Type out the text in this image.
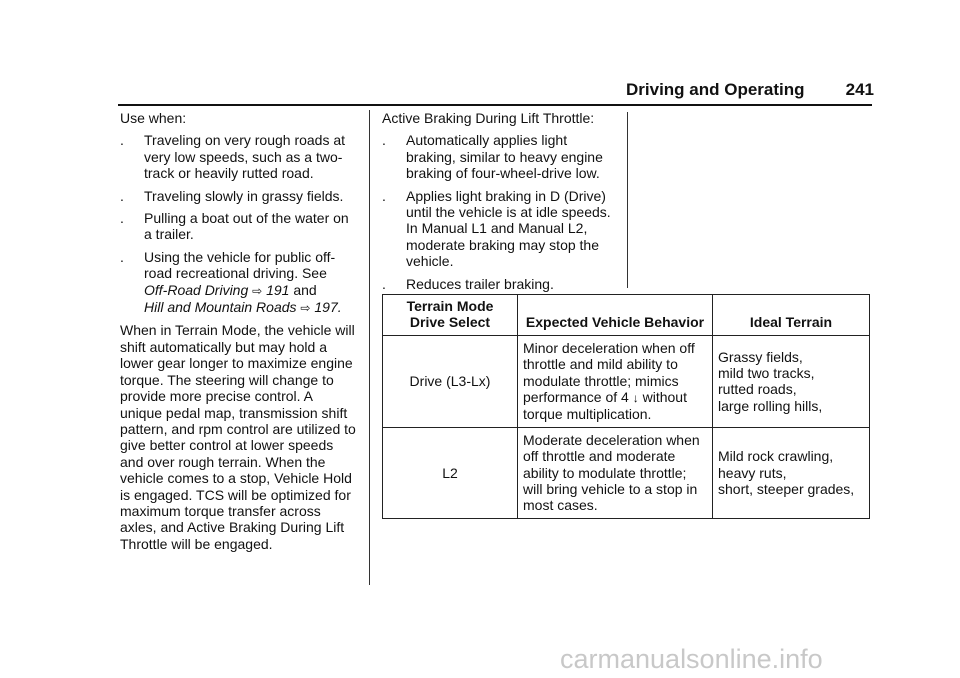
Driving and Operating 241

Use when:

.	Traveling on very rough roads at very low speeds, such as a two-track or heavily rutted road.
.	Traveling slowly in grassy fields.
.	Pulling a boat out of the water on a trailer.
.	Using the vehicle for public off-road recreational driving. See
Off-Road Driving ⇨ 191 and
Hill and Mountain Roads ⇨ 197.

When in Terrain Mode, the vehicle will shift automatically but may hold a lower gear longer to maximize engine torque. The steering will change to provide more precise control. A unique pedal map, transmission shift pattern, and rpm control are utilized to give better control at lower speeds and over rough terrain. When the vehicle comes to a stop, Vehicle Hold is engaged. TCS will be optimized for maximum torque transfer across axles, and Active Braking During Lift Throttle will be engaged.

Active Braking During Lift Throttle:

.	Automatically applies light braking, similar to heavy engine braking of four-wheel-drive low.
.	Applies light braking in D (Drive) until the vehicle is at idle speeds. In Manual L1 and Manual L2, moderate braking may stop the vehicle.
.	Reduces trailer braking.
Terrain Mode
Drive Select	Expected Vehicle Behavior	Ideal Terrain
Drive (L3-Lx)	Minor deceleration when off throttle and mild ability to modulate throttle; mimics performance of 4 ↓ without torque multiplication.	Grassy fields,
mild two tracks,
rutted roads,
large rolling hills,
L2	Moderate deceleration when off throttle and moderate ability to modulate throttle; will bring vehicle to a stop in most cases.	Mild rock crawling,
heavy ruts,
short, steeper grades,
carmanualsonline.info
